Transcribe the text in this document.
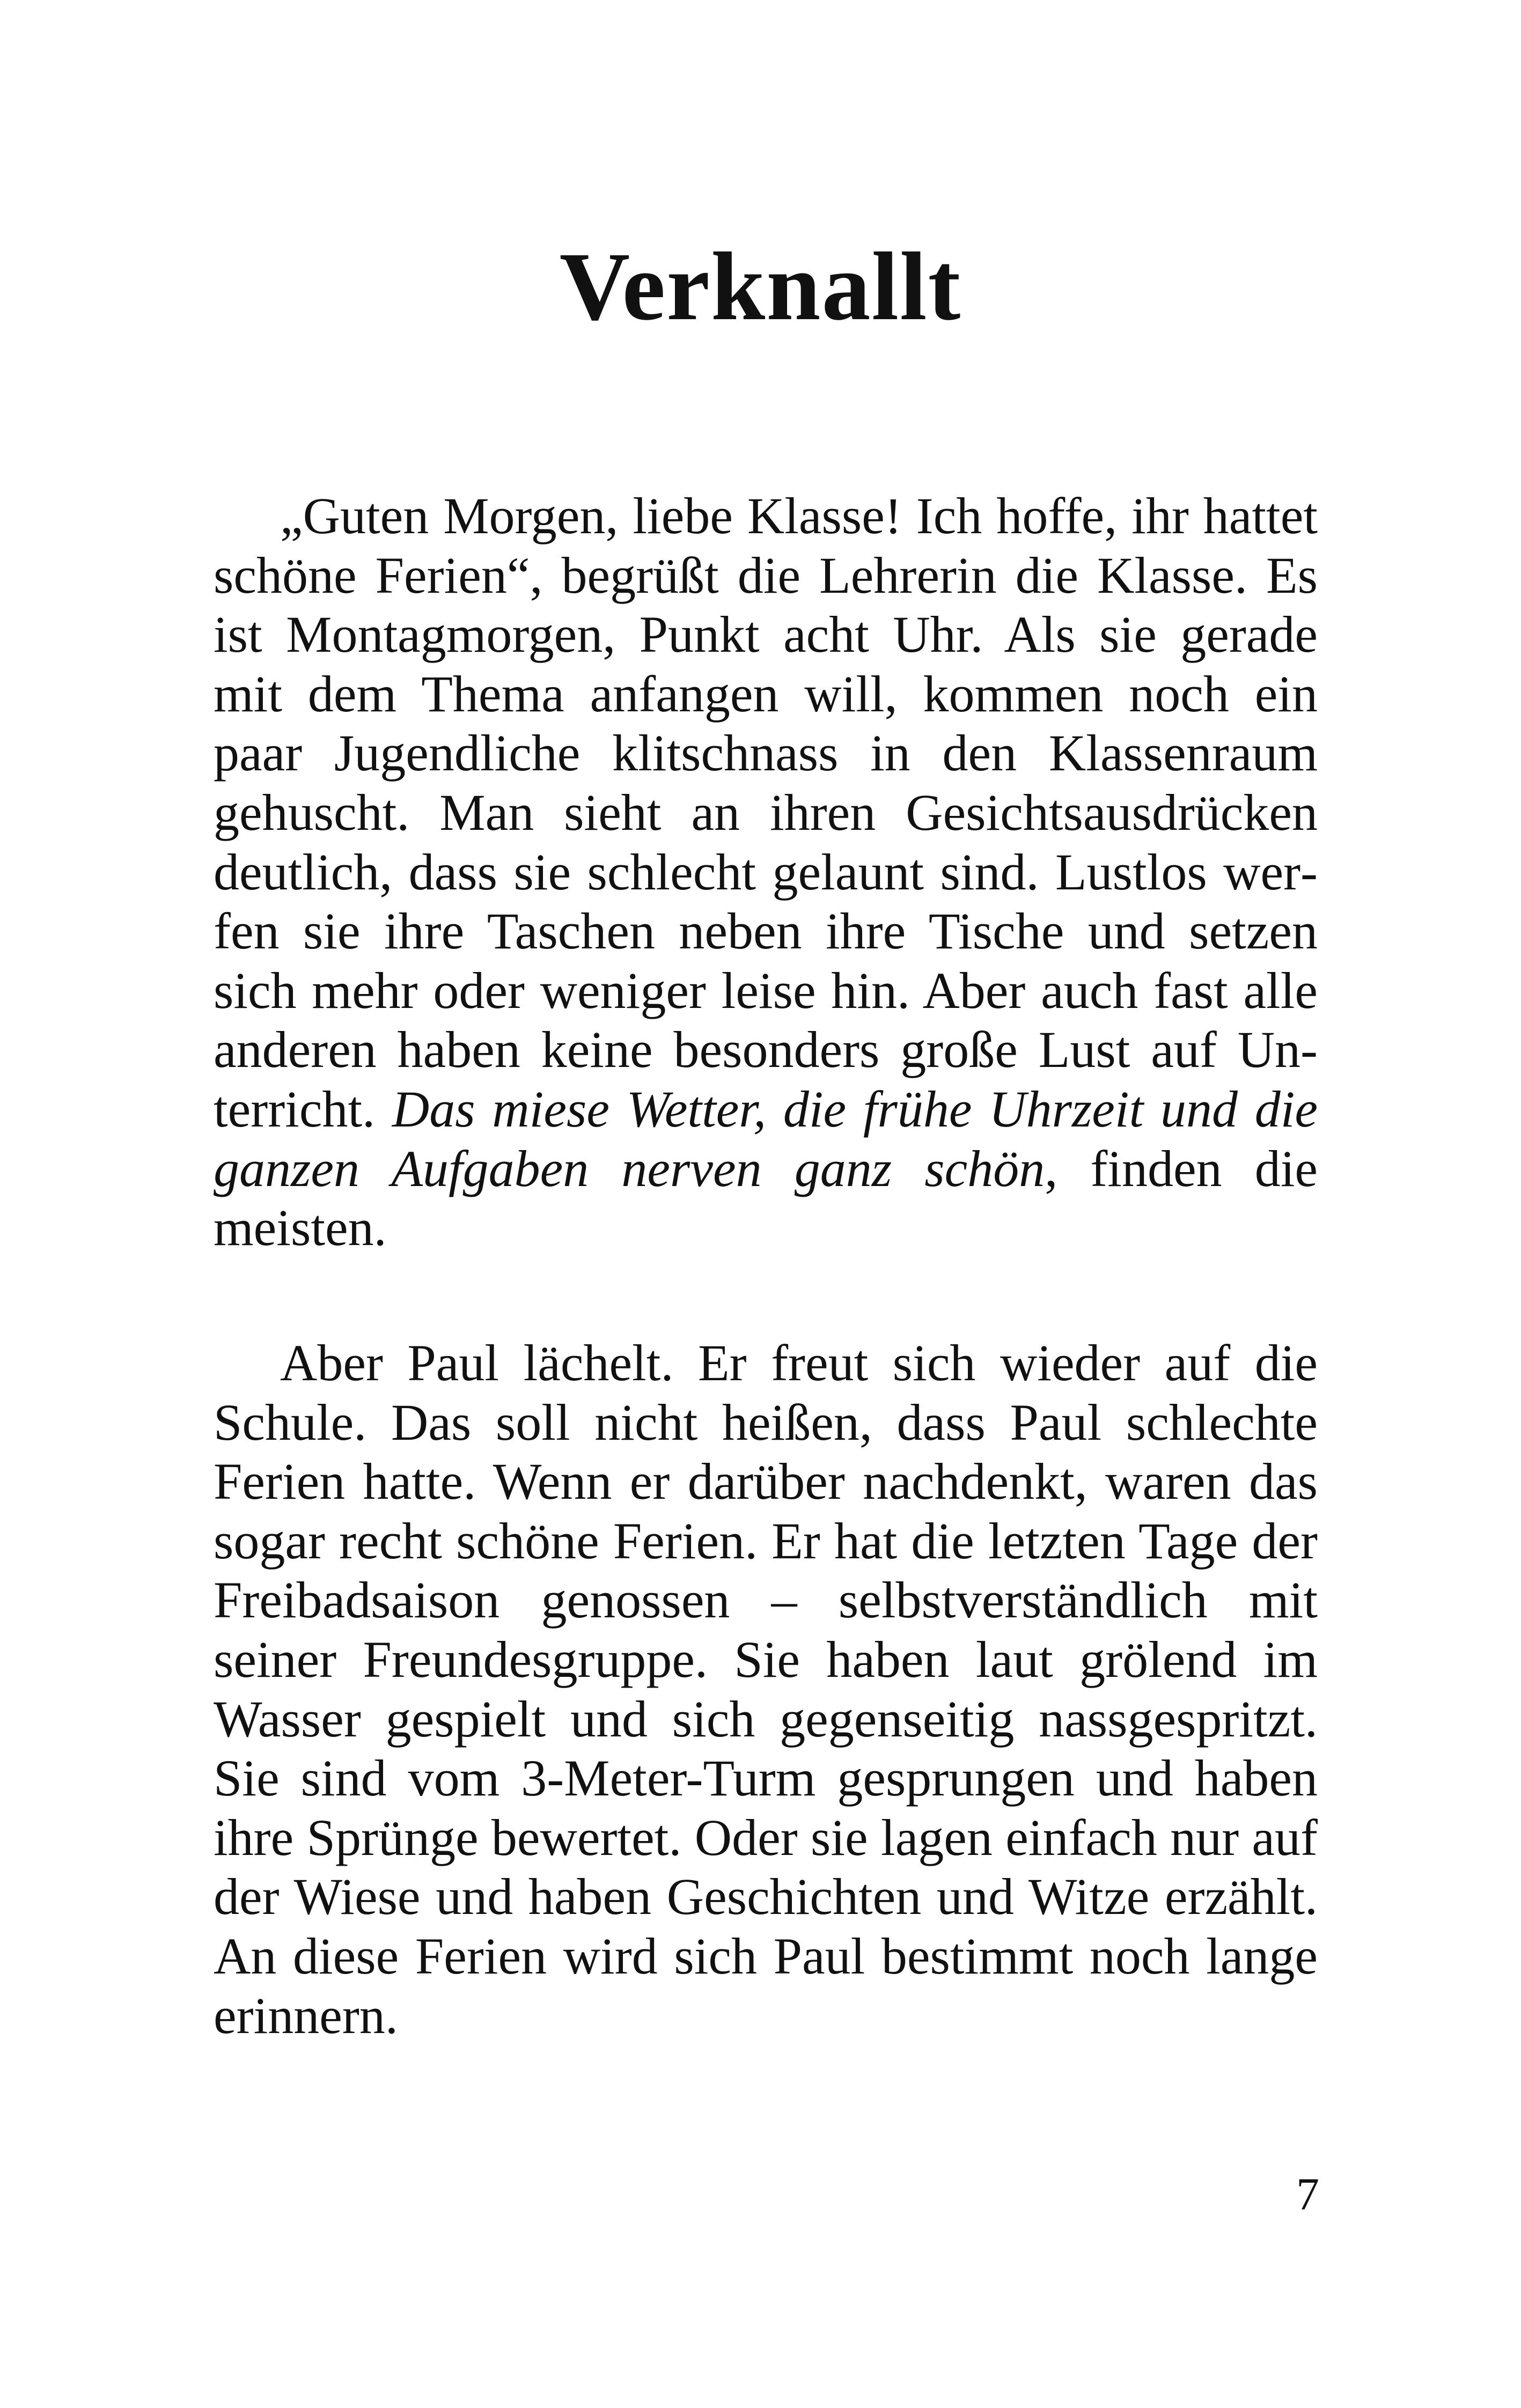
Verknallt

„Guten Morgen, liebe Klasse! Ich hoffe, ihr hattet schöne Ferien“, begrüßt die Lehrerin die Klasse. Es ist Montagmorgen, Punkt acht Uhr. Als sie gerade mit dem Thema anfangen will, kommen noch ein paar Jugendliche klitschnass in den Klassenraum gehuscht. Man sieht an ihren Gesichtsausdrücken deutlich, dass sie schlecht gelaunt sind. Lustlos werfen sie ihre Taschen neben ihre Tische und setzen sich mehr oder weniger leise hin. Aber auch fast alle anderen haben keine besonders große Lust auf Unterricht. Das miese Wetter, die frühe Uhrzeit und die ganzen Aufgaben nerven ganz schön, finden die meisten.

Aber Paul lächelt. Er freut sich wieder auf die Schule. Das soll nicht heißen, dass Paul schlechte Ferien hatte. Wenn er darüber nachdenkt, waren das sogar recht schöne Ferien. Er hat die letzten Tage der Freibadsaison genossen – selbstverständlich mit seiner Freundesgruppe. Sie haben laut grölend im Wasser gespielt und sich gegenseitig nassgespritzt. Sie sind vom 3-Meter-Turm gesprungen und haben ihre Sprünge bewertet. Oder sie lagen einfach nur auf der Wiese und haben Geschichten und Witze erzählt. An diese Ferien wird sich Paul bestimmt noch lange erinnern.

7
